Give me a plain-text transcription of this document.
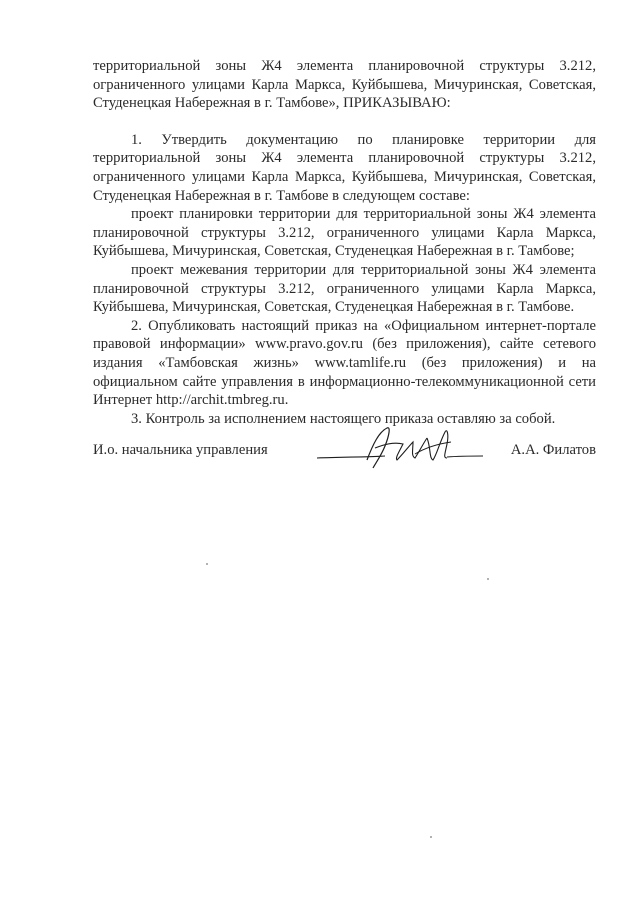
территориальной зоны Ж4 элемента планировочной структуры 3.212, ограниченного улицами Карла Маркса, Куйбышева, Мичуринская, Советская, Студенецкая Набережная в г. Тамбове», ПРИКАЗЫВАЮ:

1. Утвердить документацию по планировке территории для территориальной зоны Ж4 элемента планировочной структуры 3.212, ограниченного улицами Карла Маркса, Куйбышева, Мичуринская, Советская, Студенецкая Набережная в г. Тамбове в следующем составе:

проект планировки территории для территориальной зоны Ж4 элемента планировочной структуры 3.212, ограниченного улицами Карла Маркса, Куйбышева, Мичуринская, Советская, Студенецкая Набережная в г. Тамбове;

проект межевания территории для территориальной зоны Ж4 элемента планировочной структуры 3.212, ограниченного улицами Карла Маркса, Куйбышева, Мичуринская, Советская, Студенецкая Набережная в г. Тамбове.

2. Опубликовать настоящий приказ на «Официальном интернет-портале правовой информации» www.pravo.gov.ru (без приложения), сайте сетевого издания «Тамбовская жизнь» www.tamlife.ru (без приложения) и на официальном сайте управления в информационно-телекоммуникационной сети Интернет http://archit.tmbreg.ru.

3. Контроль за исполнением настоящего приказа оставляю за собой.

И.о. начальника управления	А.А. Филатов
